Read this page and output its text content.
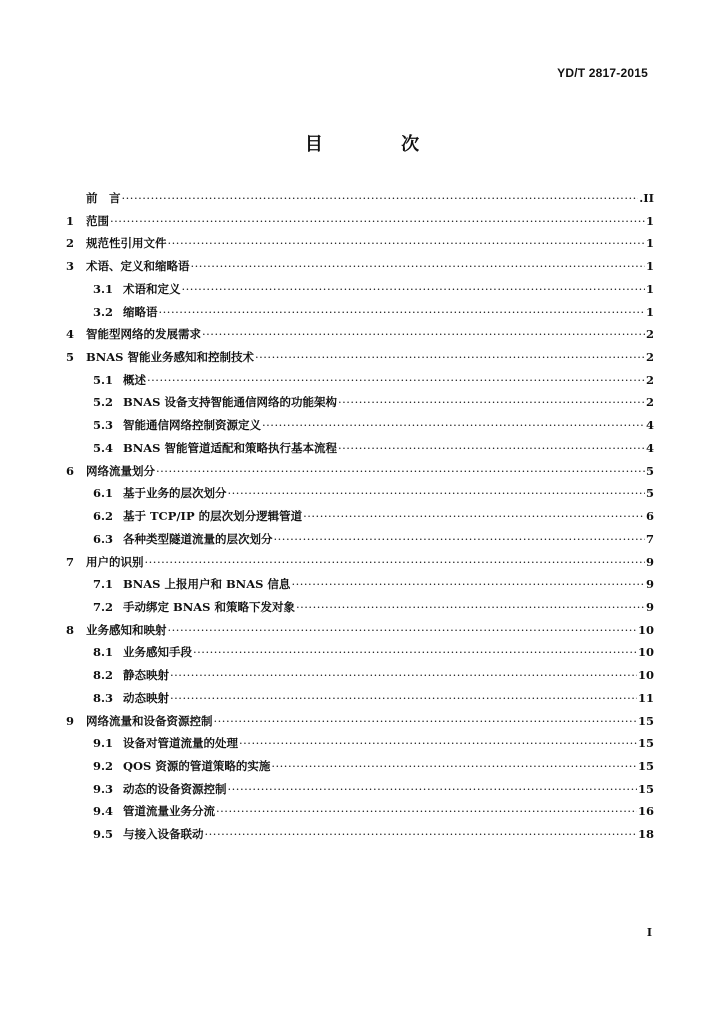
YD/T 2817-2015
目 次
前　言 ·····	.II
1	范围 ·····	1
2	规范性引用文件 ·····	1
3	术语、定义和缩略语 ·····	1
3.1 术语和定义 ·····	1
3.2 缩略语 ·····	1
4	智能型网络的发展需求 ·····	2
5	BNAS 智能业务感知和控制技术 ·····	2
5.1 概述 ·····	2
5.2 BNAS 设备支持智能通信网络的功能架构 ·····	2
5.3 智能通信网络控制资源定义 ·····	4
5.4 BNAS 智能管道适配和策略执行基本流程 ·····	4
6	网络流量划分 ·····	5
6.1 基于业务的层次划分 ·····	5
6.2 基于 TCP/IP 的层次划分逻辑管道 ·····	6
6.3 各种类型隧道流量的层次划分 ·····	7
7	用户的识别 ·····	9
7.1 BNAS 上报用户和 BNAS 信息 ·····	9
7.2 手动绑定 BNAS 和策略下发对象 ·····	9
8	业务感知和映射 ·····	10
8.1 业务感知手段 ·····	10
8.2 静态映射 ·····	10
8.3 动态映射 ·····	11
9	网络流量和设备资源控制 ·····	15
9.1 设备对管道流量的处理 ·····	15
9.2 QOS 资源的管道策略的实施 ·····	15
9.3 动态的设备资源控制 ·····	15
9.4 管道流量业务分流 ·····	16
9.5 与接入设备联动 ·····	18
I
